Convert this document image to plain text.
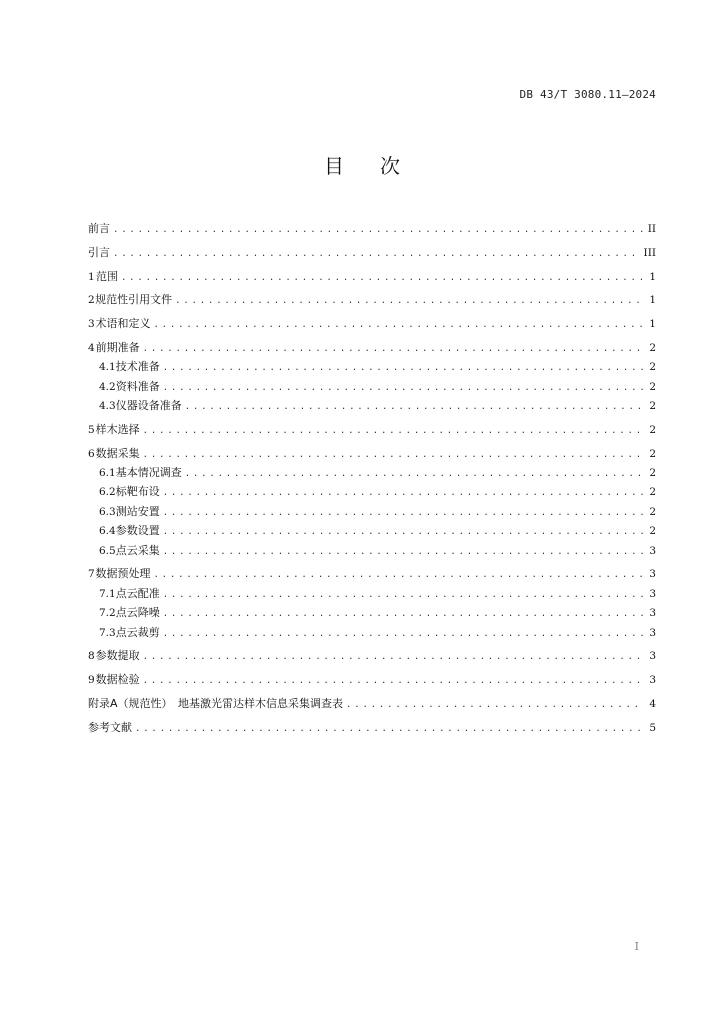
DB 43/T 3080.11—2024
目次
前言 .....	II
引言 .....	III
1 范围 .....	1
2 规范性引用文件 .....	1
3 术语和定义 .....	1
4 前期准备 .....	2
4.1 技术准备 .....	2
4.2 资料准备 .....	2
4.3 仪器设备准备 .....	2
5 样木选择 .....	2
6 数据采集 .....	2
6.1 基本情况调查 .....	2
6.2 标靶布设 .....	2
6.3 测站安置 .....	2
6.4 参数设置 .....	2
6.5 点云采集 .....	3
7 数据预处理 .....	3
7.1 点云配准 .....	3
7.2 点云降噪 .....	3
7.3 点云裁剪 .....	3
8 参数提取 .....	3
9 数据检验 .....	3
附录A（规范性）　地基激光雷达样木信息采集调查表 .....	4
参考文献 .....	5
I
